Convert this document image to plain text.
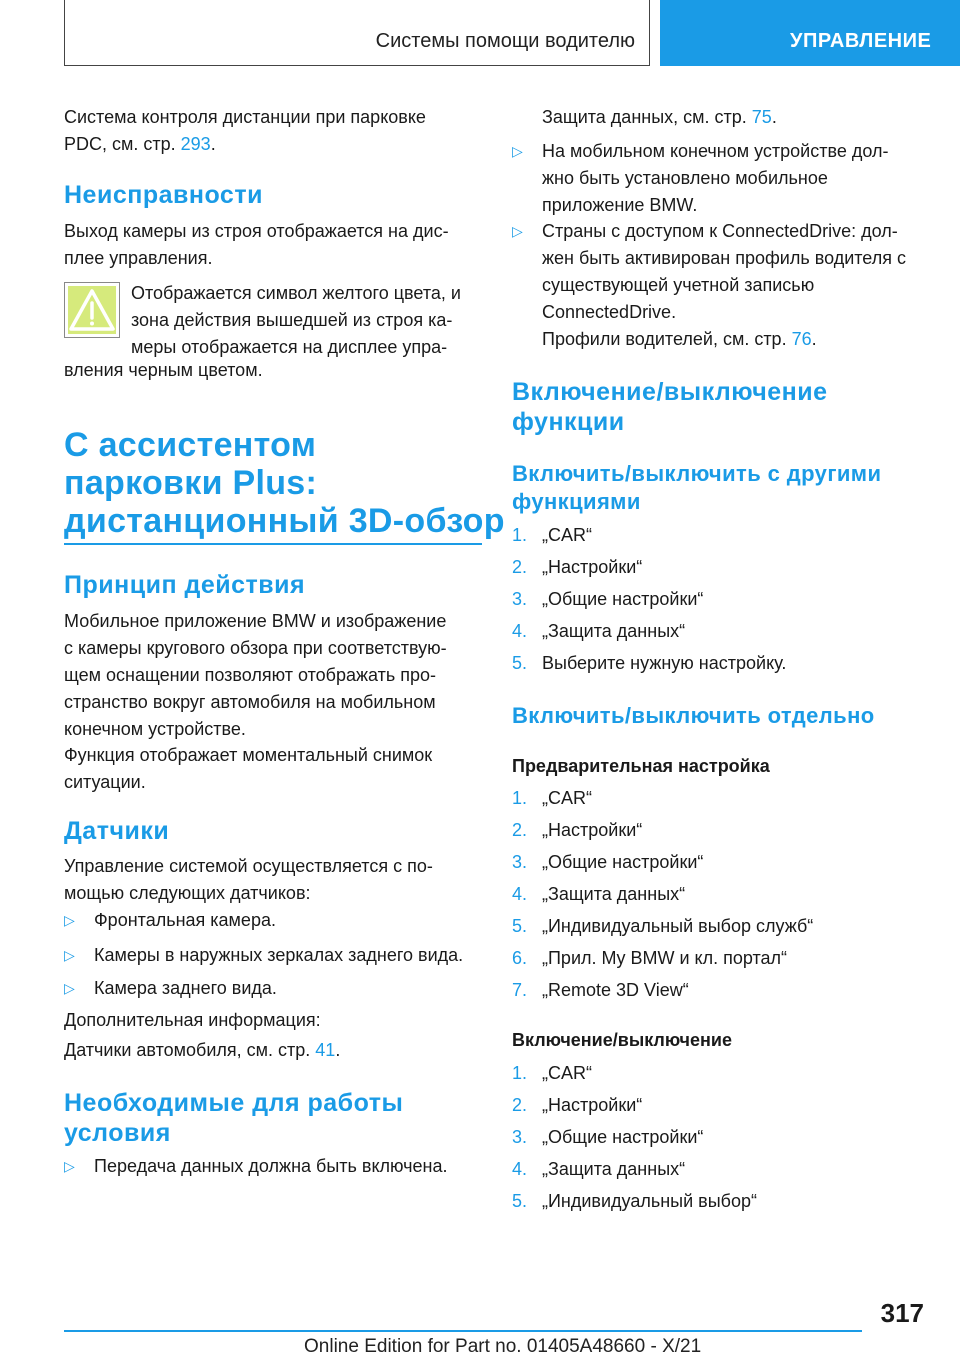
Системы помощи водителю	УПРАВЛЕНИЕ
Система контроля дистанции при парковке
PDC, см. стр. 293.
Неисправности
Выход камеры из строя отображается на дис-
плее управления.
Отображается символ желтого цвета, и
зона действия вышедшей из строя ка-
меры отображается на дисплее упра-
вления черным цветом.
С ассистентом
парковки Plus:
дистанционный 3D-обзор
Принцип действия
Мобильное приложение BMW и изображение
с камеры кругового обзора при соответствую-
щем оснащении позволяют отображать про-
странство вокруг автомобиля на мобильном
конечном устройстве.
Функция отображает моментальный снимок
ситуации.
Датчики
Управление системой осуществляется с по-
мощью следующих датчиков:
▷	Фронтальная камера.
▷	Камеры в наружных зеркалах заднего вида.
▷	Камера заднего вида.
Дополнительная информация:
Датчики автомобиля, см. стр. 41.
Необходимые для работы
условия
▷	Передача данных должна быть включена.
Защита данных, см. стр. 75.
▷	На мобильном конечном устройстве дол-
жно быть установлено мобильное
приложение BMW.
▷	Страны с доступом к ConnectedDrive: дол-
жен быть активирован профиль водителя с
существующей учетной записью
ConnectedDrive.
Профили водителей, см. стр. 76.
Включение/выключение
функции
Включить/выключить с другими
функциями
1. „CAR“
2. „Настройки“
3. „Общие настройки“
4. „Защита данных“
5. Выберите нужную настройку.
Включить/выключить отдельно
Предварительная настройка
1. „CAR“
2. „Настройки“
3. „Общие настройки“
4. „Защита данных“
5. „Индивидуальный выбор служб“
6. „Прил. My BMW и кл. портал“
7. „Remote 3D View“
Включение/выключение
1. „CAR“
2. „Настройки“
3. „Общие настройки“
4. „Защита данных“
5. „Индивидуальный выбор“
317
Online Edition for Part no. 01405A48660 - X/21
